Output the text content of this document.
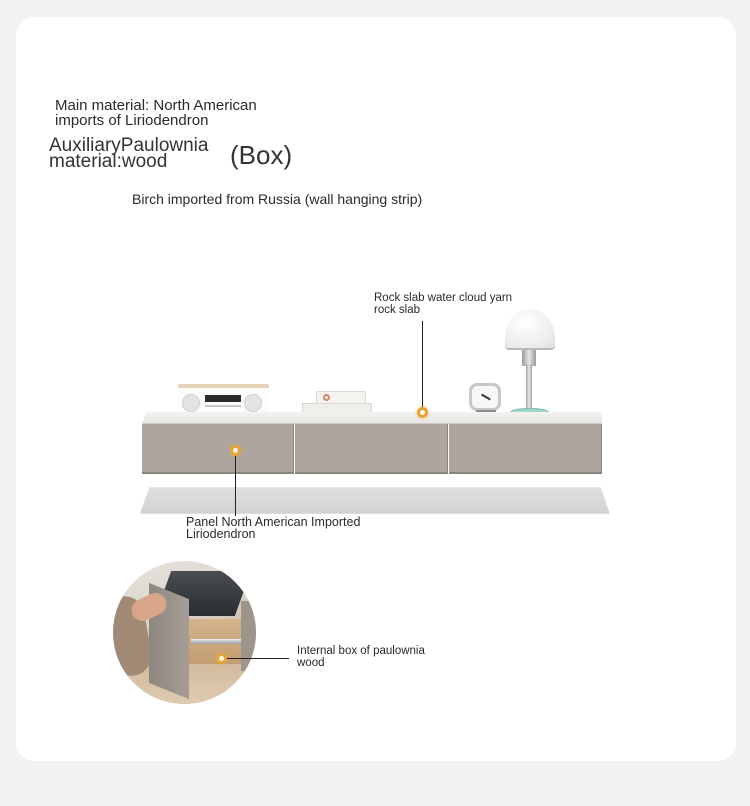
Main material: North American
imports of Liriodendron
AuxiliaryPaulownia
material:wood	(Box)
Birch imported from Russia (wall hanging strip)
Rock slab water cloud yarn
rock slab
Panel North American Imported
Liriodendron
Internal box of paulownia
wood
